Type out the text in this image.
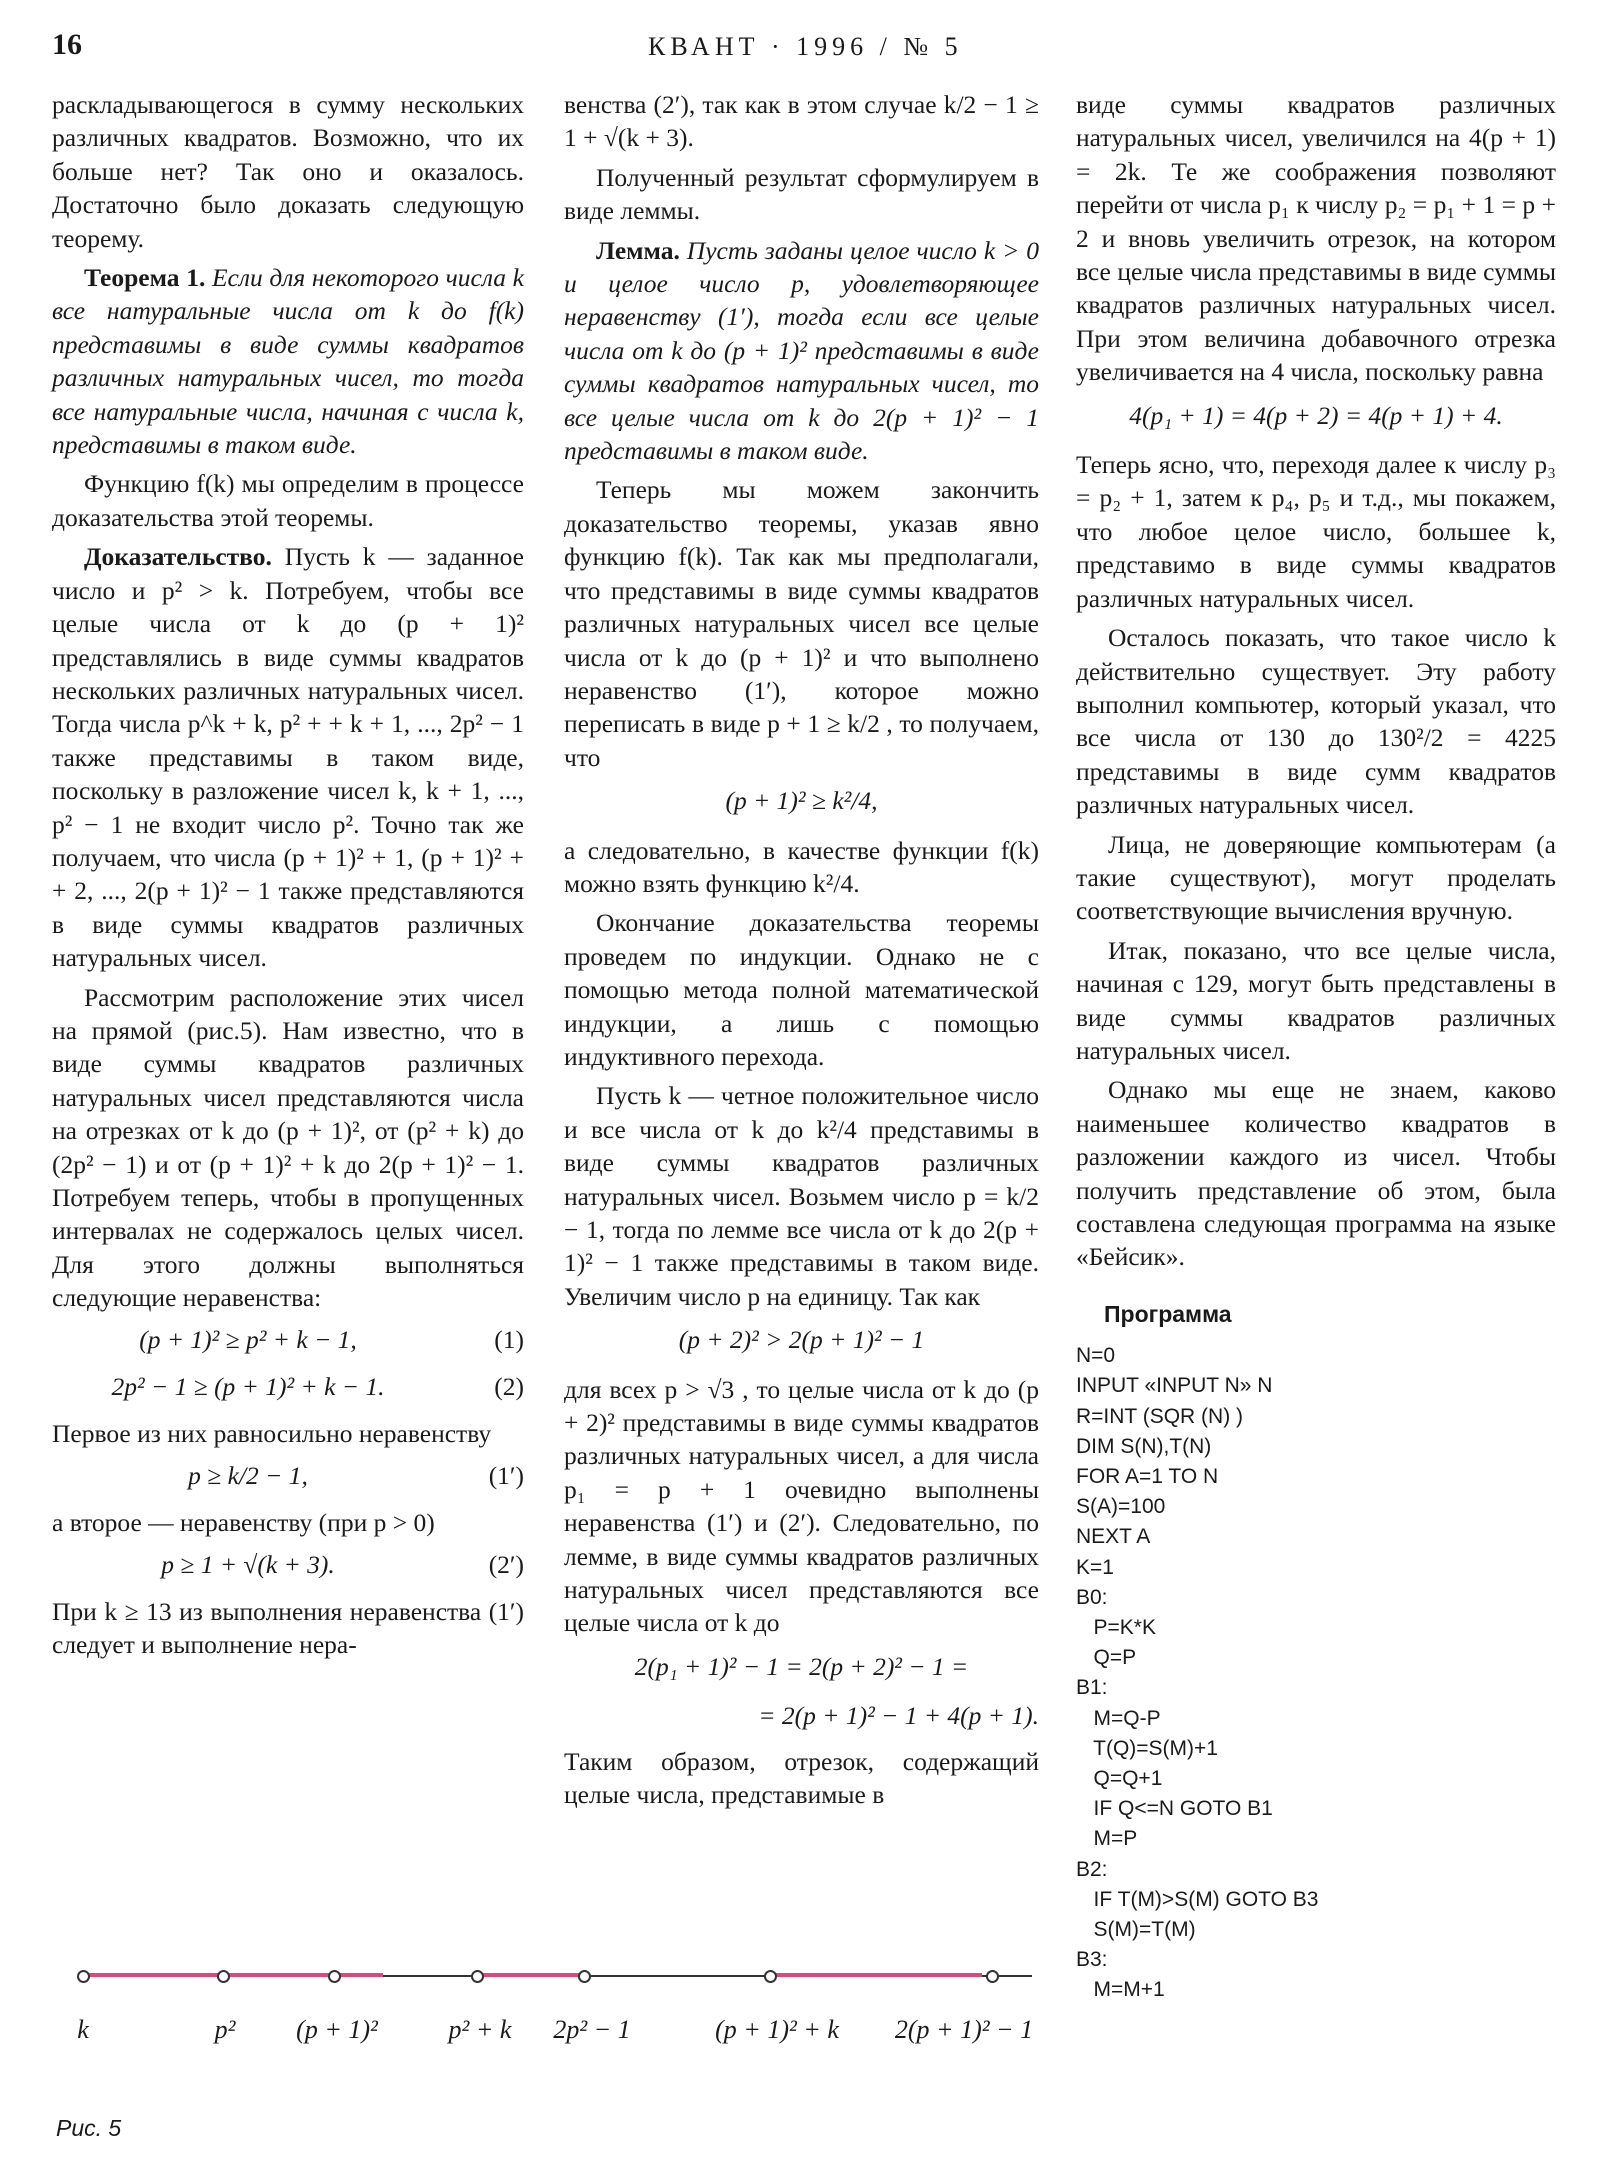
16	КВАНТ · 1996 / № 5

раскладывающегося в сумму нескольких различных квадратов. Возможно, что их больше нет? Так оно и оказалось. Достаточно было доказать следующую теорему.

Теорема 1. Если для некоторого числа k все натуральные числа от k до f(k) представимы в виде суммы квадратов различных натуральных чисел, то тогда все натуральные числа, начиная с числа k, представимы в таком виде.

Функцию f(k) мы определим в процессе доказательства этой теоремы.

Доказательство. Пусть k — заданное число и p² > k. Потребуем, чтобы все целые числа от k до (p + 1)² представлялись в виде суммы квадратов нескольких различных натуральных чисел. Тогда числа p^k + k, p² + + k + 1, ..., 2p² − 1 также представимы в таком виде, поскольку в разложение чисел k, k + 1, ..., p² − 1 не входит число p². Точно так же получаем, что числа (p + 1)² + 1, (p + 1)² + + 2, ..., 2(p + 1)² − 1 также представляются в виде суммы квадратов различных натуральных чисел.

Рассмотрим расположение этих чисел на прямой (рис.5). Нам известно, что в виде суммы квадратов различных натуральных чисел представляются числа на отрезках от k до (p + 1)², от (p² + k) до (2p² − 1) и от (p + 1)² + k до 2(p + 1)² − 1. Потребуем теперь, чтобы в пропущенных интервалах не содержалось целых чисел. Для этого должны выполняться следующие неравенства:

(p + 1)² ≥ p² + k − 1,	(1)
2p² − 1 ≥ (p + 1)² + k − 1.	(2)

Первое из них равносильно неравенству

p ≥ k/2 − 1,	(1′)

а второе — неравенству (при p > 0)

p ≥ 1 + √(k + 3).	(2′)

При k ≥ 13 из выполнения неравенства (1′) следует и выполнение нера-

венства (2′), так как в этом случае k/2 − 1 ≥ 1 + √(k + 3).

Полученный результат сформулируем в виде леммы.

Лемма. Пусть заданы целое число k > 0 и целое число p, удовлетворяющее неравенству (1′), тогда если все целые числа от k до (p + 1)² представимы в виде суммы квадратов натуральных чисел, то все целые числа от k до 2(p + 1)² − 1 представимы в таком виде.

Теперь мы можем закончить доказательство теоремы, указав явно функцию f(k). Так как мы предполагали, что представимы в виде суммы квадратов различных натуральных чисел все целые числа от k до (p + 1)² и что выполнено неравенство (1′), которое можно переписать в виде p + 1 ≥ k/2 , то получаем, что

(p + 1)² ≥ k²/4,

а следовательно, в качестве функции f(k) можно взять функцию k²/4.

Окончание доказательства теоремы проведем по индукции. Однако не с помощью метода полной математической индукции, а лишь с помощью индуктивного перехода.

Пусть k — четное положительное число и все числа от k до k²/4 представимы в виде суммы квадратов различных натуральных чисел. Возьмем число p = k/2 − 1, тогда по лемме все числа от k до 2(p + 1)² − 1 также представимы в таком виде. Увеличим число p на единицу. Так как

(p + 2)² > 2(p + 1)² − 1

для всех p > √3 , то целые числа от k до (p + 2)² представимы в виде суммы квадратов различных натуральных чисел, а для числа p₁ = p + 1 очевидно выполнены неравенства (1′) и (2′). Следовательно, по лемме, в виде суммы квадратов различных натуральных чисел представляются все целые числа от k до

2(p₁ + 1)² − 1 = 2(p + 2)² − 1 =
= 2(p + 1)² − 1 + 4(p + 1).

Таким образом, отрезок, содержащий целые числа, представимые в

виде суммы квадратов различных натуральных чисел, увеличился на 4(p + 1) = 2k. Те же соображения позволяют перейти от числа p₁ к числу p₂ = p₁ + 1 = p + 2 и вновь увеличить отрезок, на котором все целые числа представимы в виде суммы квадратов различных натуральных чисел. При этом величина добавочного отрезка увеличивается на 4 числа, поскольку равна

4(p₁ + 1) = 4(p + 2) = 4(p + 1) + 4.

Теперь ясно, что, переходя далее к числу p₃ = p₂ + 1, затем к p₄, p₅ и т.д., мы покажем, что любое целое число, большее k, представимо в виде суммы квадратов различных натуральных чисел.

Осталось показать, что такое число k действительно существует. Эту работу выполнил компьютер, который указал, что все числа от 130 до 130²/2 = 4225 представимы в виде сумм квадратов различных натуральных чисел.

Лица, не доверяющие компьютерам (а такие существуют), могут проделать соответствующие вычисления вручную.

Итак, показано, что все целые числа, начиная с 129, могут быть представлены в виде суммы квадратов различных натуральных чисел.

Однако мы еще не знаем, каково наименьшее количество квадратов в разложении каждого из чисел. Чтобы получить представление об этом, была составлена следующая программа на языке «Бейсик».

Программа
N=0
INPUT «INPUT N» N
R=INT (SQR (N) )
DIM S(N),T(N)
FOR A=1 TO N
S(A)=100
NEXT A
K=1
B0:
P=K*K
Q=P
B1:
M=Q-P
T(Q)=S(M)+1
Q=Q+1
IF Q<=N GOTO B1
M=P
B2:
IF T(M)>S(M) GOTO B3
S(M)=T(M)
B3:
M=M+1
k	p² (p + 1)²	p² + k 2p² − 1	(p + 1)² + k 2(p + 1)² − 1
Рис. 5
